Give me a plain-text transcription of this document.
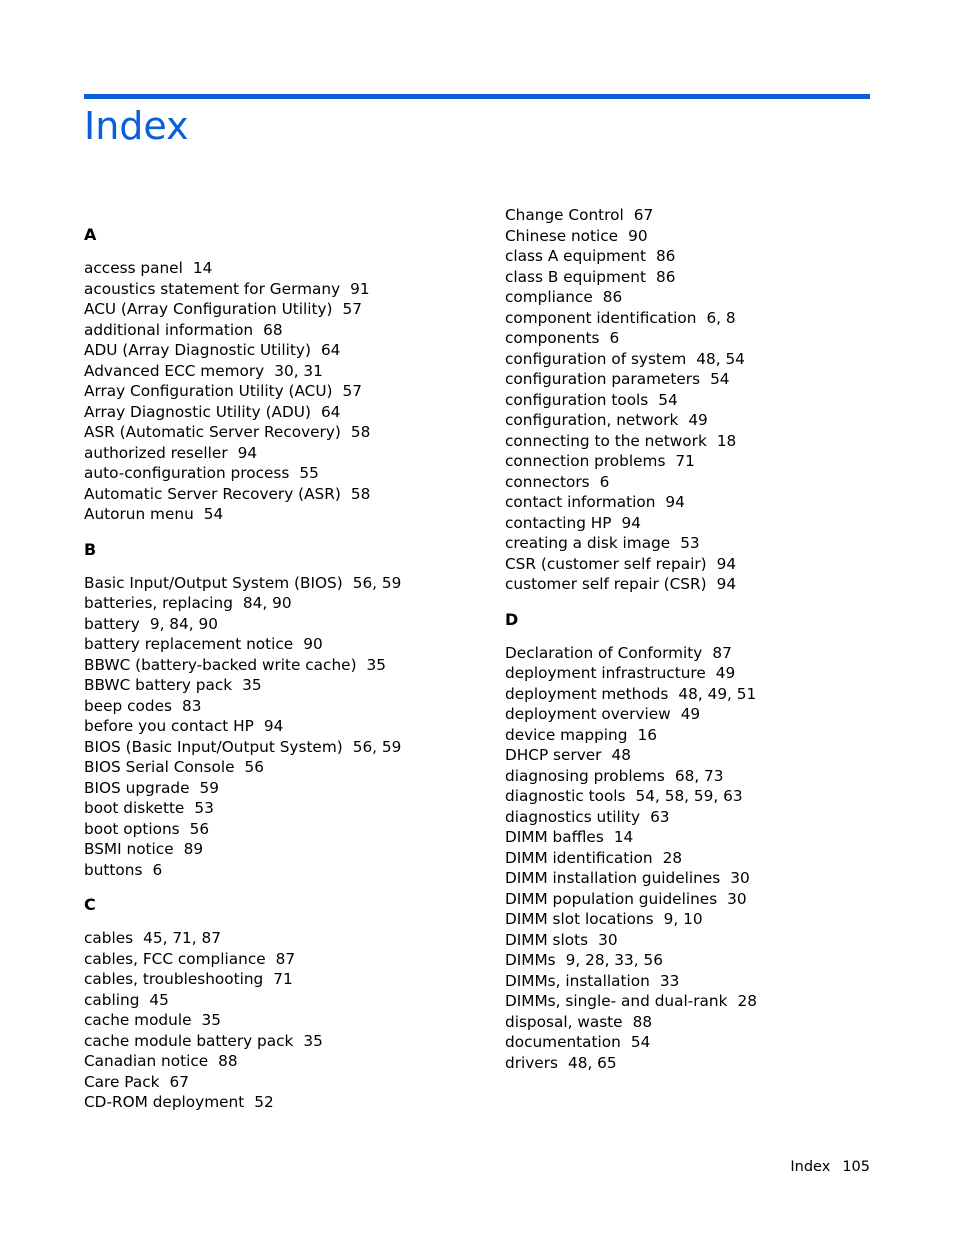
Index
A
access panel 14
acoustics statement for Germany 91
ACU (Array Configuration Utility) 57
additional information 68
ADU (Array Diagnostic Utility) 64
Advanced ECC memory 30, 31
Array Configuration Utility (ACU) 57
Array Diagnostic Utility (ADU) 64
ASR (Automatic Server Recovery) 58
authorized reseller 94
auto-configuration process 55
Automatic Server Recovery (ASR) 58
Autorun menu 54
B
Basic Input/Output System (BIOS) 56, 59
batteries, replacing 84, 90
battery 9, 84, 90
battery replacement notice 90
BBWC (battery-backed write cache) 35
BBWC battery pack 35
beep codes 83
before you contact HP 94
BIOS (Basic Input/Output System) 56, 59
BIOS Serial Console 56
BIOS upgrade 59
boot diskette 53
boot options 56
BSMI notice 89
buttons 6
C
cables 45, 71, 87
cables, FCC compliance 87
cables, troubleshooting 71
cabling 45
cache module 35
cache module battery pack 35
Canadian notice 88
Care Pack 67
CD-ROM deployment 52
Change Control 67
Chinese notice 90
class A equipment 86
class B equipment 86
compliance 86
component identification 6, 8
components 6
configuration of system 48, 54
configuration parameters 54
configuration tools 54
configuration, network 49
connecting to the network 18
connection problems 71
connectors 6
contact information 94
contacting HP 94
creating a disk image 53
CSR (customer self repair) 94
customer self repair (CSR) 94
D
Declaration of Conformity 87
deployment infrastructure 49
deployment methods 48, 49, 51
deployment overview 49
device mapping 16
DHCP server 48
diagnosing problems 68, 73
diagnostic tools 54, 58, 59, 63
diagnostics utility 63
DIMM baffles 14
DIMM identification 28
DIMM installation guidelines 30
DIMM population guidelines 30
DIMM slot locations 9, 10
DIMM slots 30
DIMMs 9, 28, 33, 56
DIMMs, installation 33
DIMMs, single- and dual-rank 28
disposal, waste 88
documentation 54
drivers 48, 65
Index 105
